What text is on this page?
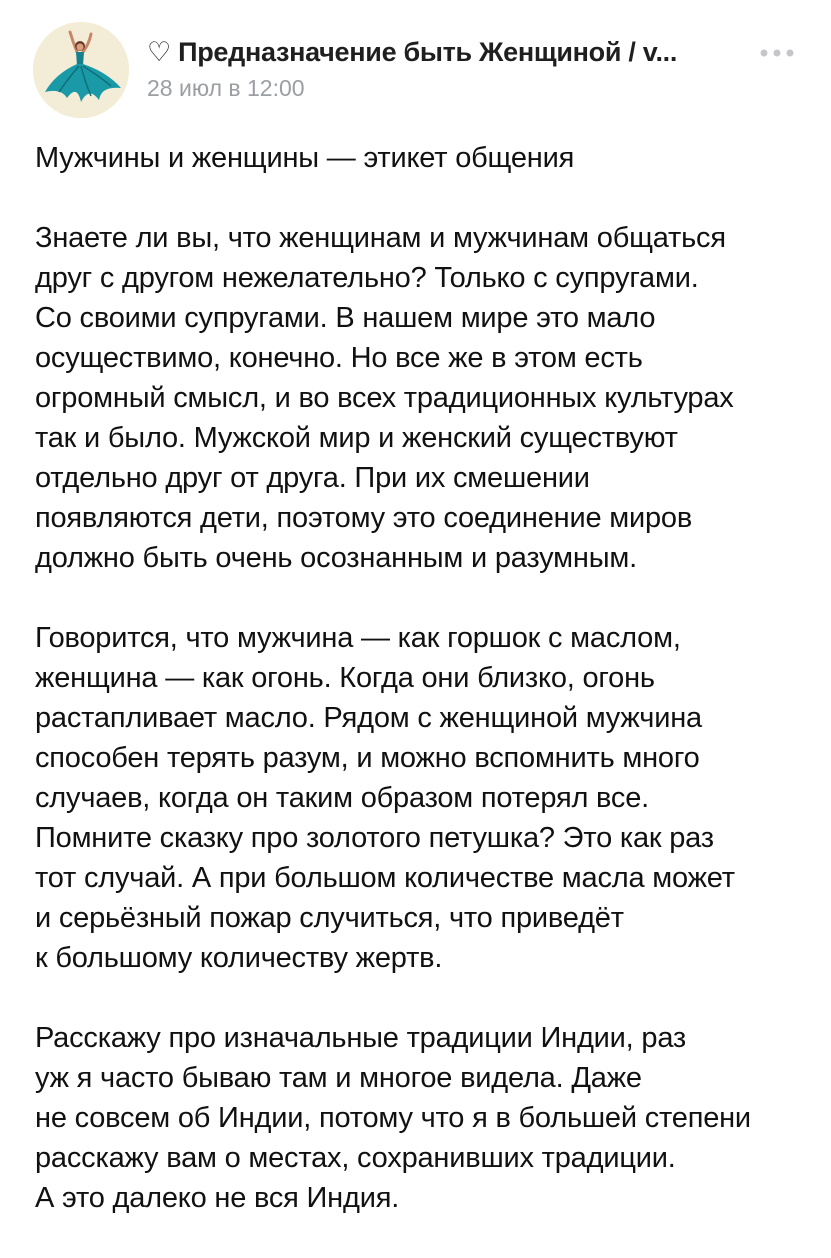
♡ Предназначение быть Женщиной / v...
28 июл в 12:00
Мужчины и женщины — этикет общения
Знаете ли вы, что женщинам и мужчинам общаться
друг с другом нежелательно? Только с супругами.
Со своими супругами. В нашем мире это мало
осуществимо, конечно. Но все же в этом есть
огромный смысл, и во всех традиционных культурах
так и было. Мужской мир и женский существуют
отдельно друг от друга. При их смешении
появляются дети, поэтому это соединение миров
должно быть очень осознанным и разумным.
Говорится, что мужчина — как горшок с маслом,
женщина — как огонь. Когда они близко, огонь
растапливает масло. Рядом с женщиной мужчина
способен терять разум, и можно вспомнить много
случаев, когда он таким образом потерял все.
Помните сказку про золотого петушка? Это как раз
тот случай. А при большом количестве масла может
и серьёзный пожар случиться, что приведёт
к большому количеству жертв.
Расскажу про изначальные традиции Индии, раз
уж я часто бываю там и многое видела. Даже
не совсем об Индии, потому что я в большей степени
расскажу вам о местах, сохранивших традиции.
А это далеко не вся Индия.
